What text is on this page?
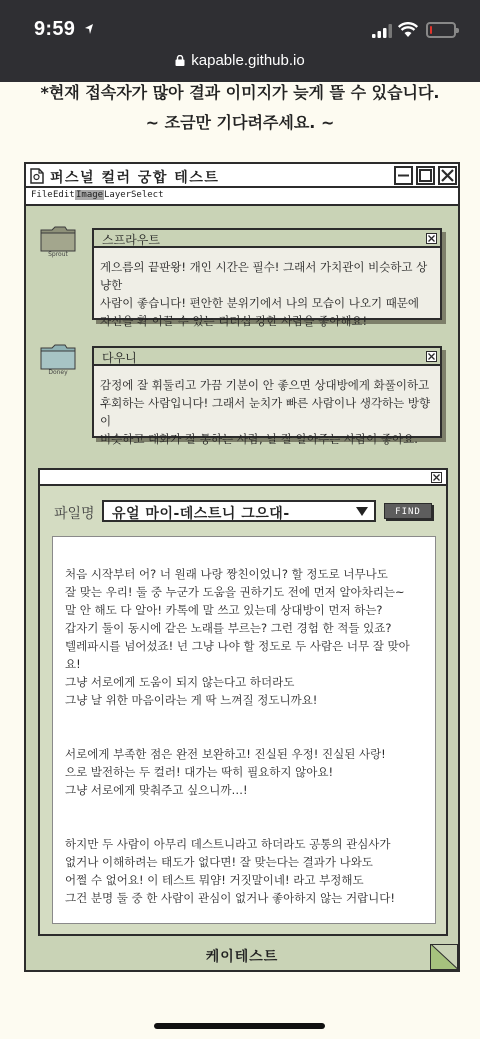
9:59
kapable.github.io
*현재 접속자가 많아 결과 이미지가 늦게 뜰 수 있습니다.
~ 조금만 기다려주세요. ~
퍼스널 컬러 궁합 테스트
File Edit Image Layer Select
Sprout
스프라우트
게으름의 끝판왕! 개인 시간은 필수! 그래서 가치관이 비슷하고 상냥한
사람이 좋습니다! 편안한 분위기에서 나의 모습이 나오기 때문에
자신을 확 이끌 수 있는 리더십 강한 사람을 좋아해요!
Doney
다우니
감정에 잘 휘둘리고 가끔 기분이 안 좋으면 상대방에게 화풀이하고
후회하는 사람입니다! 그래서 눈치가 빠른 사람이나 생각하는 방향이
비슷하고 대화가 잘 통하는 사람, 날 잘 알아주는 사람이 좋아요.
파일명 유얼 마이-데스트니 그으대-	FIND

처음 시작부터 어? 너 원래 나랑 짱친이었니? 할 정도로 너무나도
잘 맞는 우리! 둘 중 누군가 도움을 권하기도 전에 먼저 알아차리는~
말 안 해도 다 알아! 카톡에 말 쓰고 있는데 상대방이 먼저 하는?
갑자기 둘이 동시에 같은 노래를 부르는? 그런 경험 한 적들 있죠?
텔레파시를 넘어섰죠! 넌 그냥 나야 할 정도로 두 사람은 너무 잘 맞아요!
그냥 서로에게 도움이 되지 않는다고 하더라도
그냥 날 위한 마음이라는 게 딱 느껴질 정도니까요!

서로에게 부족한 점은 완전 보완하고! 진실된 우정! 진실된 사랑!
으로 발전하는 두 컬러! 대가는 딱히 필요하지 않아요!
그냥 서로에게 맞춰주고 싶으니까…!

하지만 두 사람이 아무리 데스트니라고 하더라도 공통의 관심사가
없거나 이해하려는 태도가 없다면! 잘 맞는다는 결과가 나와도
어쩔 수 없어요! 이 테스트 뭐얌! 거짓말이네! 라고 부정해도
그건 분명 둘 중 한 사람이 관심이 없거나 좋아하지 않는 거랍니다!

케이테스트
